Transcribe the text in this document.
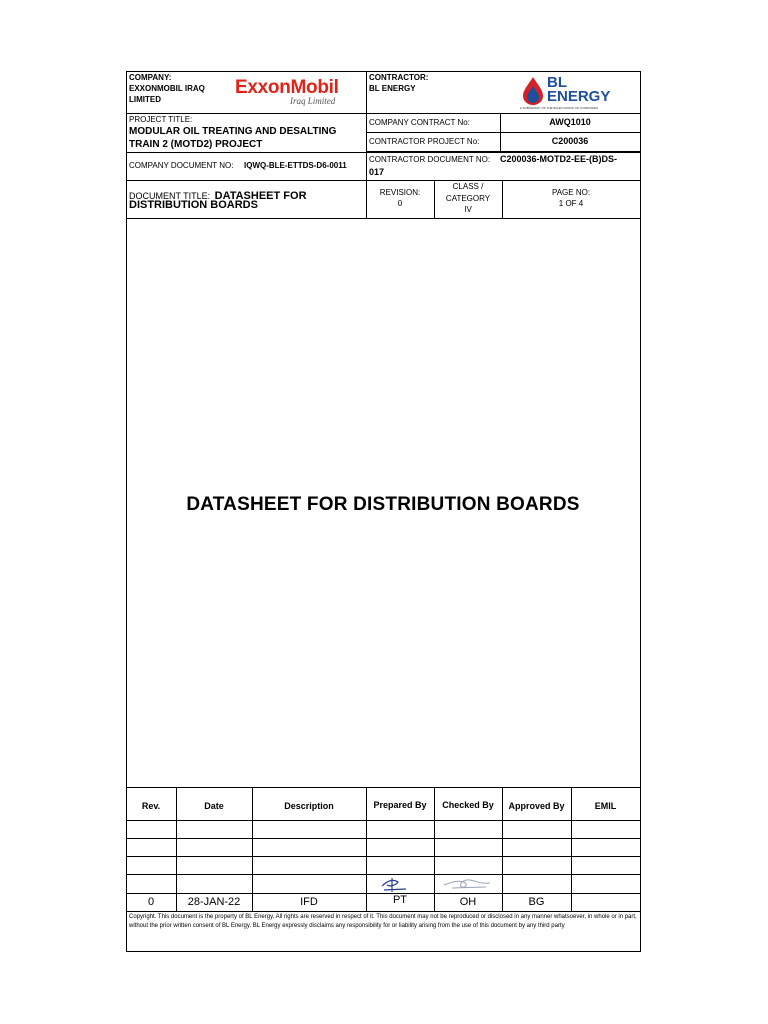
COMPANY:
EXXONMOBIL IRAQ
LIMITED
ExxonMobil
Iraq Limited
CONTRACTOR:
BL ENERGY	BL
ENERGY
A SUBSIDIARY OF THE BAHRI GROUP OF COMPANIES
PROJECT TITLE:
MODULAR OIL TREATING AND DESALTING
TRAIN 2 (MOTD2) PROJECT
COMPANY CONTRACT No:	AWQ1010
CONTRACTOR PROJECT No:	C200036
COMPANY DOCUMENT NO: IQWQ-BLE-ETTDS-D6-0011
CONTRACTOR DOCUMENT NO: C200036-MOTD2-EE-(B)DS-
017
DOCUMENT TITLE: DATASHEET FOR
DISTRIBUTION BOARDS
REVISION:
0
CLASS /
CATEGORY
IV
PAGE NO:
1 OF 4
DATASHEET FOR DISTRIBUTION BOARDS
Rev.	Date	Description	Prepared By	Checked By	Approved By	EMIL
0	28-JAN-22	IFD	PT	OH	BG
Copyright. This document is the property of BL Energy. All rights are reserved in respect of it. This document may not be reproduced or disclosed in any manner whatsoever, in whole or in part, without the prior written consent of BL Energy. BL Energy expressly disclaims any responsibility for or liability arising from the use of this document by any third party
